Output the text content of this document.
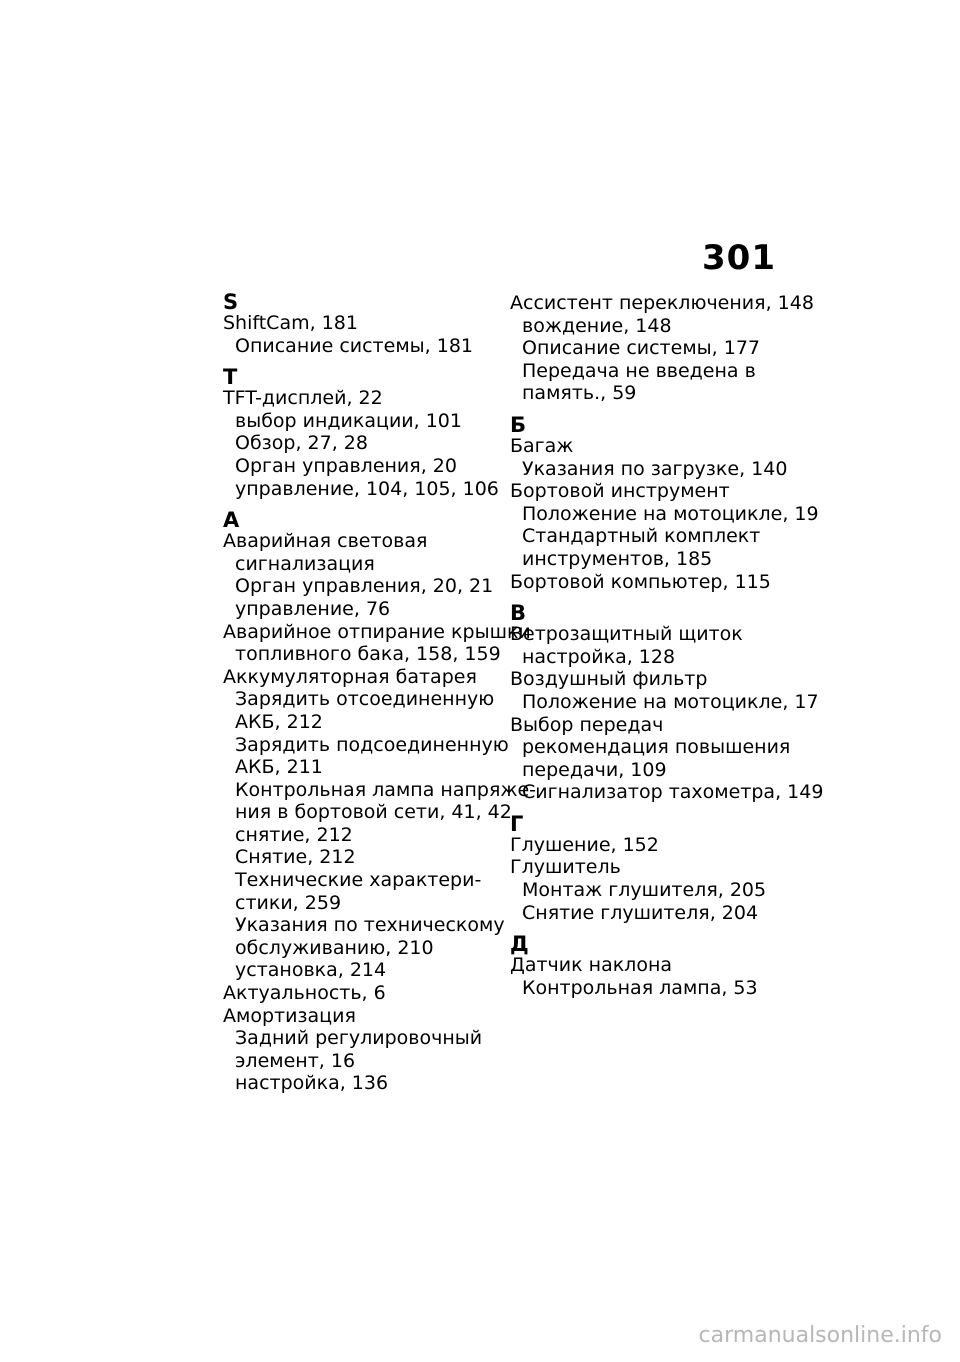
301
S
ShiftCam, 181
Описание системы, 181
T
TFT-дисплей, 22
выбор индикации, 101
Обзор, 27, 28
Орган управления, 20
управление, 104, 105, 106
А
Аварийная световая
сигнализация
Орган управления, 20, 21
управление, 76
Аварийное отпирание крышки
топливного бака, 158, 159
Аккумуляторная батарея
Зарядить отсоединенную
АКБ, 212
Зарядить подсоединенную
АКБ, 211
Контрольная лампа напряже-
ния в бортовой сети, 41, 42
снятие, 212
Снятие, 212
Технические характери-
стики, 259
Указания по техническому
обслуживанию, 210
установка, 214
Актуальность, 6
Амортизация
Задний регулировочный
элемент, 16
настройка, 136
Ассистент переключения, 148
вождение, 148
Описание системы, 177
Передача не введена в
память., 59
Б
Багаж
Указания по загрузке, 140
Бортовой инструмент
Положение на мотоцикле, 19
Стандартный комплект
инструментов, 185
Бортовой компьютер, 115
В
Ветрозащитный щиток
настройка, 128
Воздушный фильтр
Положение на мотоцикле, 17
Выбор передач
рекомендация повышения
передачи, 109
Сигнализатор тахометра, 149
Г
Глушение, 152
Глушитель
Монтаж глушителя, 205
Снятие глушителя, 204
Д
Датчик наклона
Контрольная лампа, 53
carmanualsonline.info
